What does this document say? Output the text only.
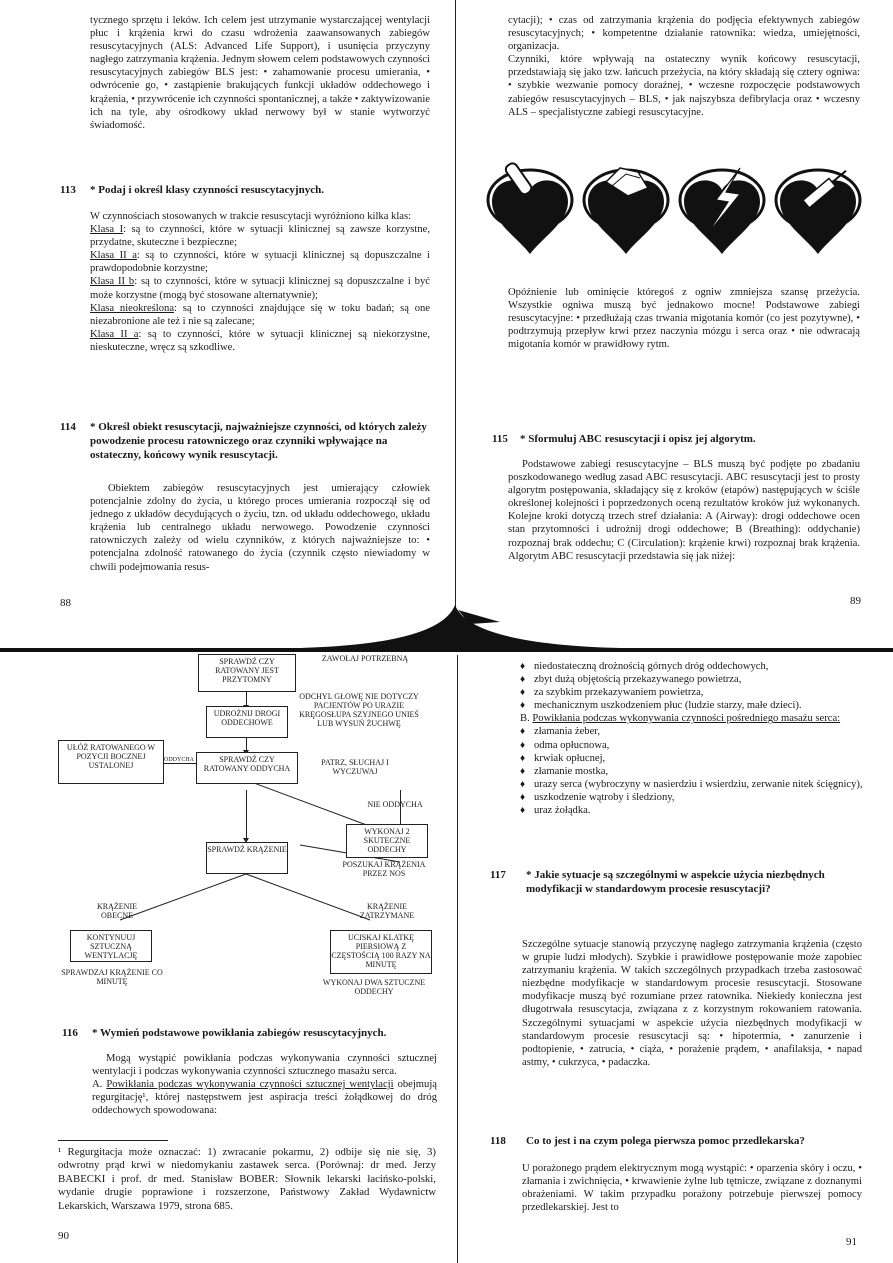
tycznego sprzętu i leków. Ich celem jest utrzymanie wystarczającej wentylacji płuc i krążenia krwi do czasu wdrożenia zaawansowanych zabiegów resuscytacyjnych (ALS: Advanced Life Support), i usunięcia przyczyny nagłego zatrzymania krążenia. Jednym słowem celem podstawowych czynności resuscytacyjnych zabiegów BLS jest: • zahamowanie procesu umierania, • odwrócenie go, • zastąpienie brakujących funkcji układów oddechowego i krążenia, • przywrócenie ich czynności spontanicznej, a także • zaktywizowanie ich na tyle, aby ośrodkowy układ nerwowy był w stanie wytworzyć świadomość.

113 * Podaj i określ klasy czynności resuscytacyjnych.

W czynnościach stosowanych w trakcie resuscytacji wyróżniono kilka klas:

Klasa I: są to czynności, które w sytuacji klinicznej są zawsze korzystne, przydatne, skuteczne i bezpieczne;

Klasa II a: są to czynności, które w sytuacji klinicznej są dopuszczalne i prawdopodobnie korzystne;

Klasa II b: są to czynności, które w sytuacji klinicznej są dopuszczalne i być może korzystne (mogą być stosowane alternatywnie);

Klasa nieokreślona: są to czynności znajdujące się w toku badań; są one niezabronione ale też i nie są zalecane;

Klasa II a: są to czynności, które w sytuacji klinicznej są niekorzystne, nieskuteczne, wręcz są szkodliwe.

114 * Określ obiekt resuscytacji, najważniejsze czynności, od których zależy powodzenie procesu ratowniczego oraz czynniki wpływające na ostateczny, końcowy wynik resuscytacji.

Obiektem zabiegów resuscytacyjnych jest umierający człowiek potencjalnie zdolny do życia, u którego proces umierania rozpoczął się od jednego z układów decydujących o życiu, tzn. od układu oddechowego, układu krążenia lub centralnego układu nerwowego. Powodzenie czynności ratowniczych zależy od wielu czynników, z których najważniejsze to: • potencjalna zdolność ratowanego do życia (czynnik często niewiadomy w chwili podejmowania resus-

88

cytacji); • czas od zatrzymania krążenia do podjęcia efektywnych zabiegów resuscytacyjnych; • kompetentne działanie ratownika: wiedza, umiejętności, organizacja.

Czynniki, które wpływają na ostateczny wynik końcowy resuscytacji, przedstawiają się jako tzw. łańcuch przeżycia, na który składają się cztery ogniwa: • szybkie wezwanie pomocy doraźnej, • wczesne rozpoczęcie podstawowych zabiegów resuscytacyjnych – BLS, • jak najszybsza defibrylacja oraz • wczesny ALS – specjalistyczne zabiegi resuscytacyjne.

Opóźnienie lub ominięcie któregoś z ogniw zmniejsza szansę przeżycia. Wszystkie ogniwa muszą być jednakowo mocne! Podstawowe zabiegi resuscytacyjne: • przedłużają czas trwania migotania komór (co jest pozytywne), • podtrzymują przepływ krwi przez naczynia mózgu i serca oraz • nie odwracają migotania komór w prawidłowy rytm.

115 * Sformułuj ABC resuscytacji i opisz jej algorytm.

Podstawowe zabiegi resuscytacyjne – BLS muszą być podjęte po zbadaniu poszkodowanego według zasad ABC resuscytacji. ABC resuscytacji jest to prosty algorytm postępowania, składający się z kroków (etapów) następujących w ściśle określonej kolejności i poprzedzonych oceną rezultatów kroków już wykonanych. Kolejne kroki dotyczą trzech stref działania: A (Airway): drogi oddechowe ocen stan przytomności i udrożnij drogi oddechowe; B (Breathing): oddychanie) rozpoznaj brak oddechu; C (Circulation): krążenie krwi) rozpoznaj brak krążenia. Algorytm ABC resuscytacji przedstawia się jak niżej:

89
ZAWOŁAJ POTRZEBNĄ
SPRAWDŹ CZY RATOWANY JEST PRZYTOMNY
UDROŻNIJ DROGI ODDECHOWE
ODCHYL GŁOWĘ NIE DOTYCZY PACJENTÓW PO URAZIE KRĘGOSŁUPA SZYJNEGO UNIEŚ LUB WYSUŃ ŻUCHWĘ
SPRAWDŹ CZY RATOWANY ODDYCHA
PATRZ, SŁUCHAJ I WYCZUWAJ
ODDYCHA
UŁÓŻ RATOWANEGO W POZYCJI BOCZNEJ USTALONEJ
NIE ODDYCHA
WYKONAJ 2 SKUTECZNE ODDECHY
POSZUKAJ KRĄŻENIA PRZEZ NOS
SPRAWDŹ KRĄŻENIE
KRĄŻENIE OBECNE
KRĄŻENIE ZATRZYMANE
KONTYNUUJ SZTUCZNĄ WENTYLACJĘ
SPRAWDZAJ KRĄŻENIE CO MINUTĘ
UCISKAJ KLATKĘ PIERSIOWĄ Z CZĘSTOŚCIĄ 100 RAZY NA MINUTĘ
WYKONAJ DWA SZTUCZNE ODDECHY
116 * Wymień podstawowe powikłania zabiegów resuscytacyjnych.

Mogą wystąpić powikłania podczas wykonywania czynności sztucznej wentylacji i podczas wykonywania czynności sztucznego masażu serca.

A. Powikłania podczas wykonywania czynności sztucznej wentylacji obejmują regurgitację¹, której następstwem jest aspiracja treści żołądkowej do dróg oddechowych spowodowana:

¹ Regurgitacja może oznaczać: 1) zwracanie pokarmu, 2) odbije się nie się, 3) odwrotny prąd krwi w niedomykaniu zastawek serca. (Porównaj: dr med. Jerzy BABECKI i prof. dr med. Stanisław BOBER: Słownik lekarski łacińsko-polski, wydanie drugie poprawione i rozszerzone, Państwowy Zakład Wydawnictw Lekarskich, Warszawa 1979, strona 685.

90

♦ niedostateczną drożnością górnych dróg oddechowych,

♦ zbyt dużą objętością przekazywanego powietrza,

♦ za szybkim przekazywaniem powietrza,

♦ mechanicznym uszkodzeniem płuc (ludzie starzy, małe dzieci).

B. Powikłania podczas wykonywania czynności pośredniego masażu serca:

♦ złamania żeber,

♦ odma opłucnowa,

♦ krwiak opłucnej,

♦ złamanie mostka,

♦ urazy serca (wybroczyny w nasierdziu i wsierdziu, zerwanie nitek ścięgnicy),

♦ uszkodzenie wątroby i śledziony,

♦ uraz żołądka.

117 * Jakie sytuacje są szczególnymi w aspekcie użycia niezbędnych modyfikacji w standardowym procesie resuscytacji?

Szczególne sytuacje stanowią przyczynę nagłego zatrzymania krążenia (często w grupie ludzi młodych). Szybkie i prawidłowe postępowanie może zapobiec zatrzymaniu krążenia. W takich szczególnych przypadkach trzeba zastosować niezbędne modyfikacje w standardowym procesie resuscytacji. Stosowane modyfikacje muszą być rozumiane przez ratownika. Niekiedy konieczna jest długotrwała resuscytacja, związana z z korzystnym rokowaniem ratowania. Szczególnymi sytuacjami w aspekcie użycia niezbędnych modyfikacji w standardowym procesie resuscytacji są: • hipotermia, • zanurzenie i podtopienie, • zatrucia, • ciąża, • porażenie prądem, • anafilaksja, • napad astmy, • cukrzyca, • padaczka.

118 Co to jest i na czym polega pierwsza pomoc przedlekarska?

U porażonego prądem elektrycznym mogą wystąpić: • oparzenia skóry i oczu, • złamania i zwichnięcia, • krwawienie żylne lub tętnicze, związane z doznanymi obrażeniami. W takim przypadku porażony potrzebuje pierwszej pomocy przedlekarskiej. Jest to

91
